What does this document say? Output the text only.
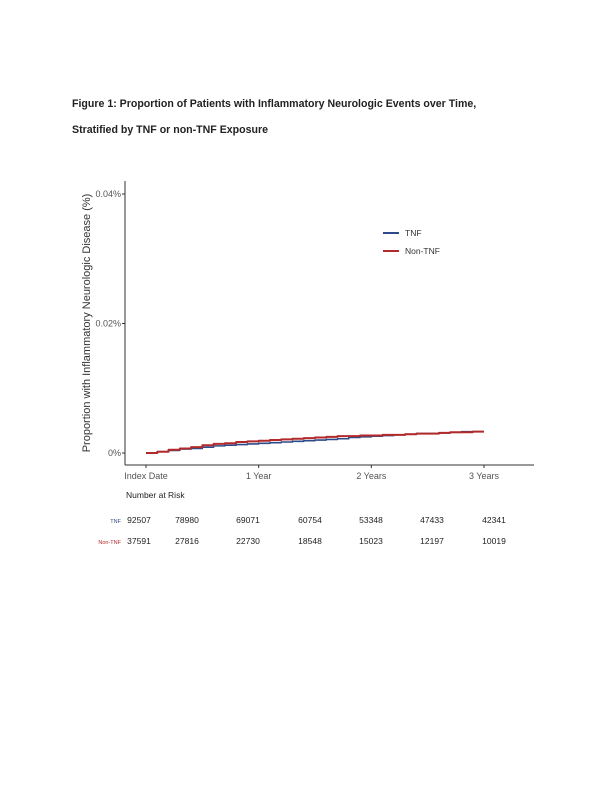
Figure 1: Proportion of Patients with Inflammatory Neurologic Events over Time,
Stratified by TNF or non-TNF Exposure
0%
0.02%
0.04%
Index Date	1 Year	2 Years	3 Years
Proportion with Inflammatory Neurologic Disease (%)	TNF
Non-TNF
Number at Risk
TNF 92507	78980	69071	60754	53348	47433	42341
Non-TNF 37591	27816	22730	18548	15023	12197	10019
